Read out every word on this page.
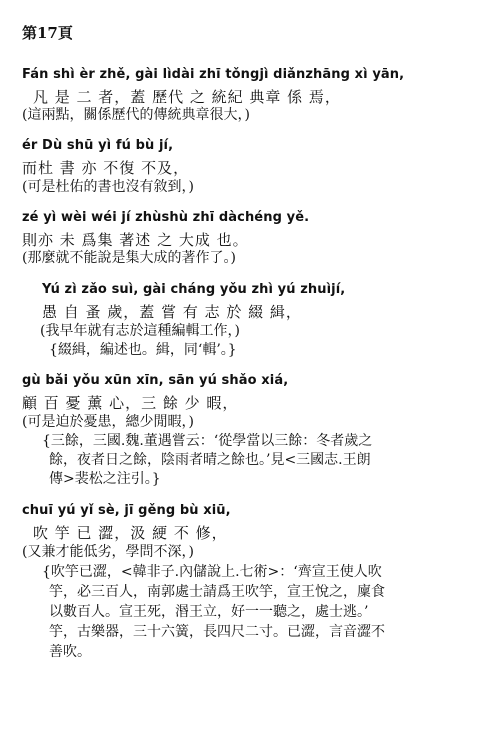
第17頁
Fán shì èr zhě, gài lìdài zhī tǒngjì diǎnzhāng xì yān,
凡 是 二 者，蓋 歷代 之 統紀 典章 係 焉，
(這兩點，關係歷代的傳統典章很大，)
ér Dù shū yì fú bù jí,
而杜 書 亦 不復 不及，
(可是杜佑的書也沒有敘到，)
zé yì wèi wéi jí zhùshù zhī dàchéng yě.
則亦 未 爲集 著述 之 大成 也。
(那麼就不能說是集大成的著作了。)
Yú zì zǎo suì, gài cháng yǒu zhì yú zhuìjí,
愚 自 蚤 歲，蓋 嘗 有 志 於 綴 緝，
(我早年就有志於這種編輯工作，)
{綴緝，編述也。緝，同‘輯’。}
gù bǎi yǒu xūn xīn, sān yú shǎo xiá,
顧 百 憂 薰 心，三 餘 少 暇，
(可是迫於憂患，總少閒暇，)
{三餘，三國.魏.董遇嘗云：‘從學當以三餘：冬者歲之
餘，夜者日之餘，陰雨者晴之餘也。’見<三國志.王朗
傳>裴松之注引。}
chuī yú yǐ sè, jī gěng bù xiū,
吹 竽 已 澀，汲 綆 不 修，
(又兼才能低劣，學問不深，)
{吹竽已澀，<韓非子.內儲說上.七術>：‘齊宣王使人吹
竽，必三百人，南郭處士請爲王吹竽，宣王悅之，廩食
以數百人。宣王死，湣王立，好一一聽之，處士逃。’
竽，古樂器，三十六簧，長四尺二寸。已澀，言音澀不
善吹。
